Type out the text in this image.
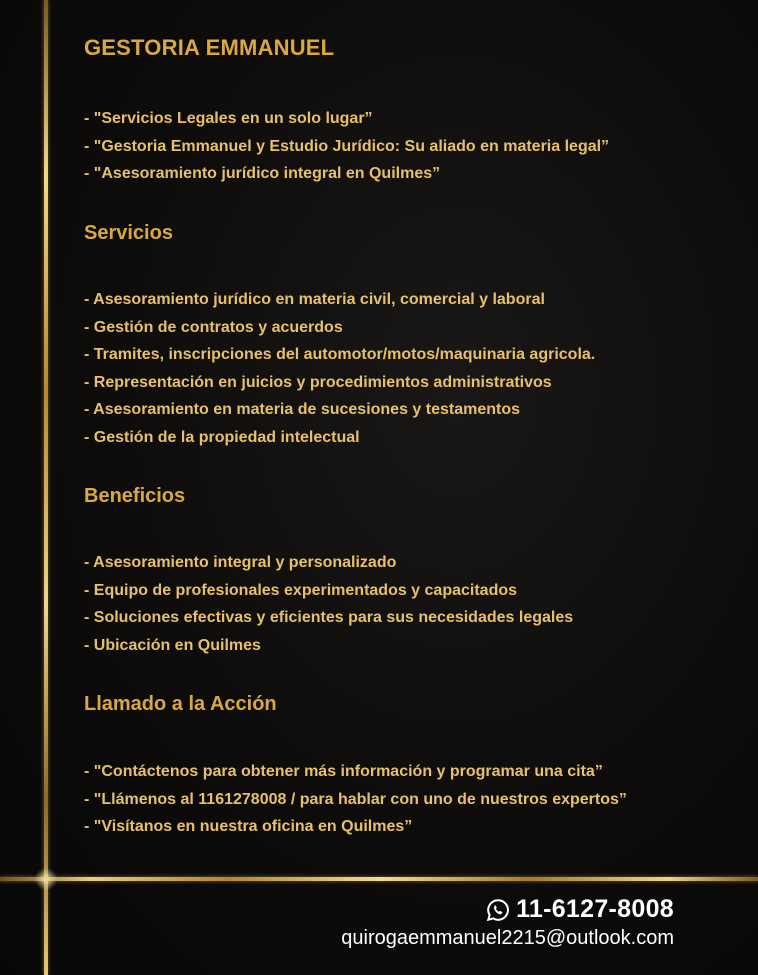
GESTORIA EMMANUEL
- "Servicios Legales en un solo lugar”
- "Gestoria Emmanuel y Estudio Jurídico: Su aliado en materia legal”
- "Asesoramiento jurídico integral en Quilmes”
Servicios
- Asesoramiento jurídico en materia civil, comercial y laboral
- Gestión de contratos y acuerdos
- Tramites, inscripciones del automotor/motos/maquinaria agricola.
- Representación en juicios y procedimientos administrativos
- Asesoramiento en materia de sucesiones y testamentos
- Gestión de la propiedad intelectual
Beneficios
- Asesoramiento integral y personalizado
- Equipo de profesionales experimentados y capacitados
- Soluciones efectivas y eficientes para sus necesidades legales
- Ubicación en Quilmes
Llamado a la Acción
- "Contáctenos para obtener más información y programar una cita”
- "Llámenos al 1161278008 / para hablar con uno de nuestros expertos”
- "Visítanos en nuestra oficina en Quilmes”
11-6127-8008
quirogaemmanuel2215@outlook.com
